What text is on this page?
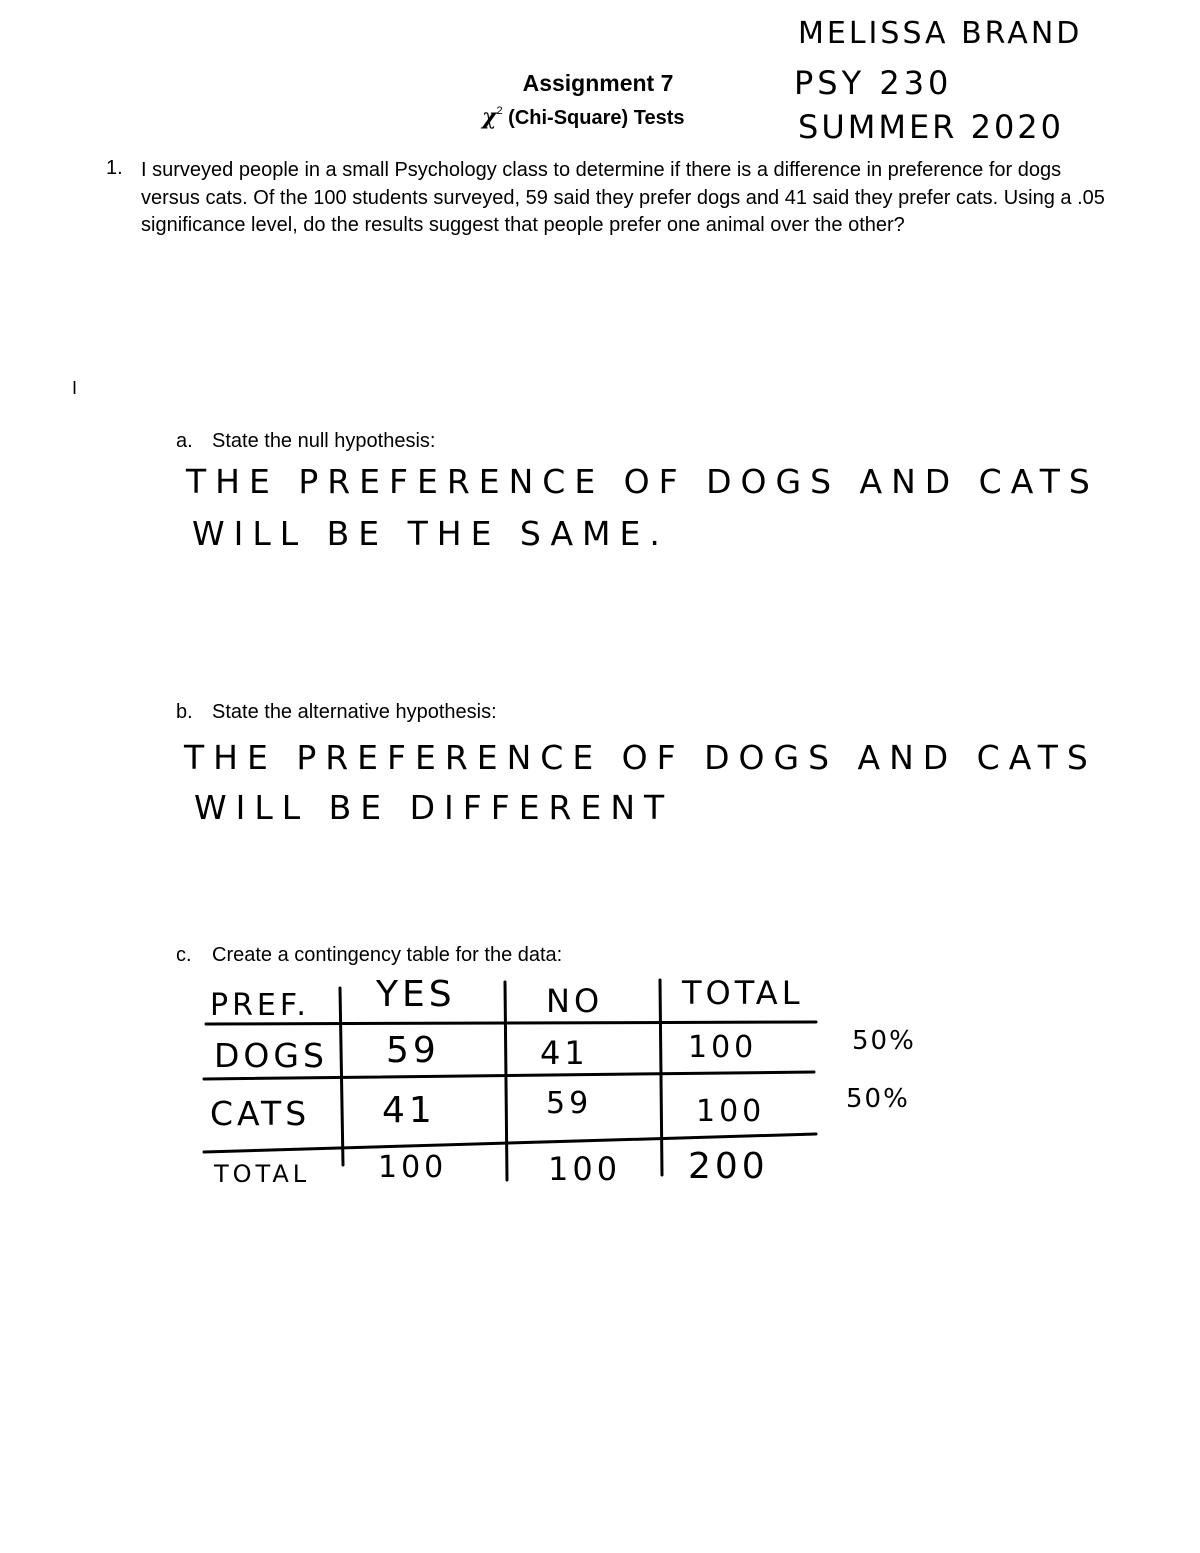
Assignment 7
$\chi^2$ (Chi-Square) Tests
MELISSA BRAND
PSY 230
SUMMER 2020
1. I surveyed people in a small Psychology class to determine if there is a difference in preference for dogs versus cats. Of the 100 students surveyed, 59 said they prefer dogs and 41 said they prefer cats. Using a .05 significance level, do the results suggest that people prefer one animal over the other?
I
a. State the null hypothesis:
THE PREFERENCE OF DOGS AND CATS
WILL BE THE SAME.
b. State the alternative hypothesis:
THE PREFERENCE OF DOGS AND CATS
WILL BE DIFFERENT
c. Create a contingency table for the data:
PREF. YES	NO TOTAL
DOGS 59	41	100
CATS 41	59	100
TOTAL 100	100 200
50%
50%
